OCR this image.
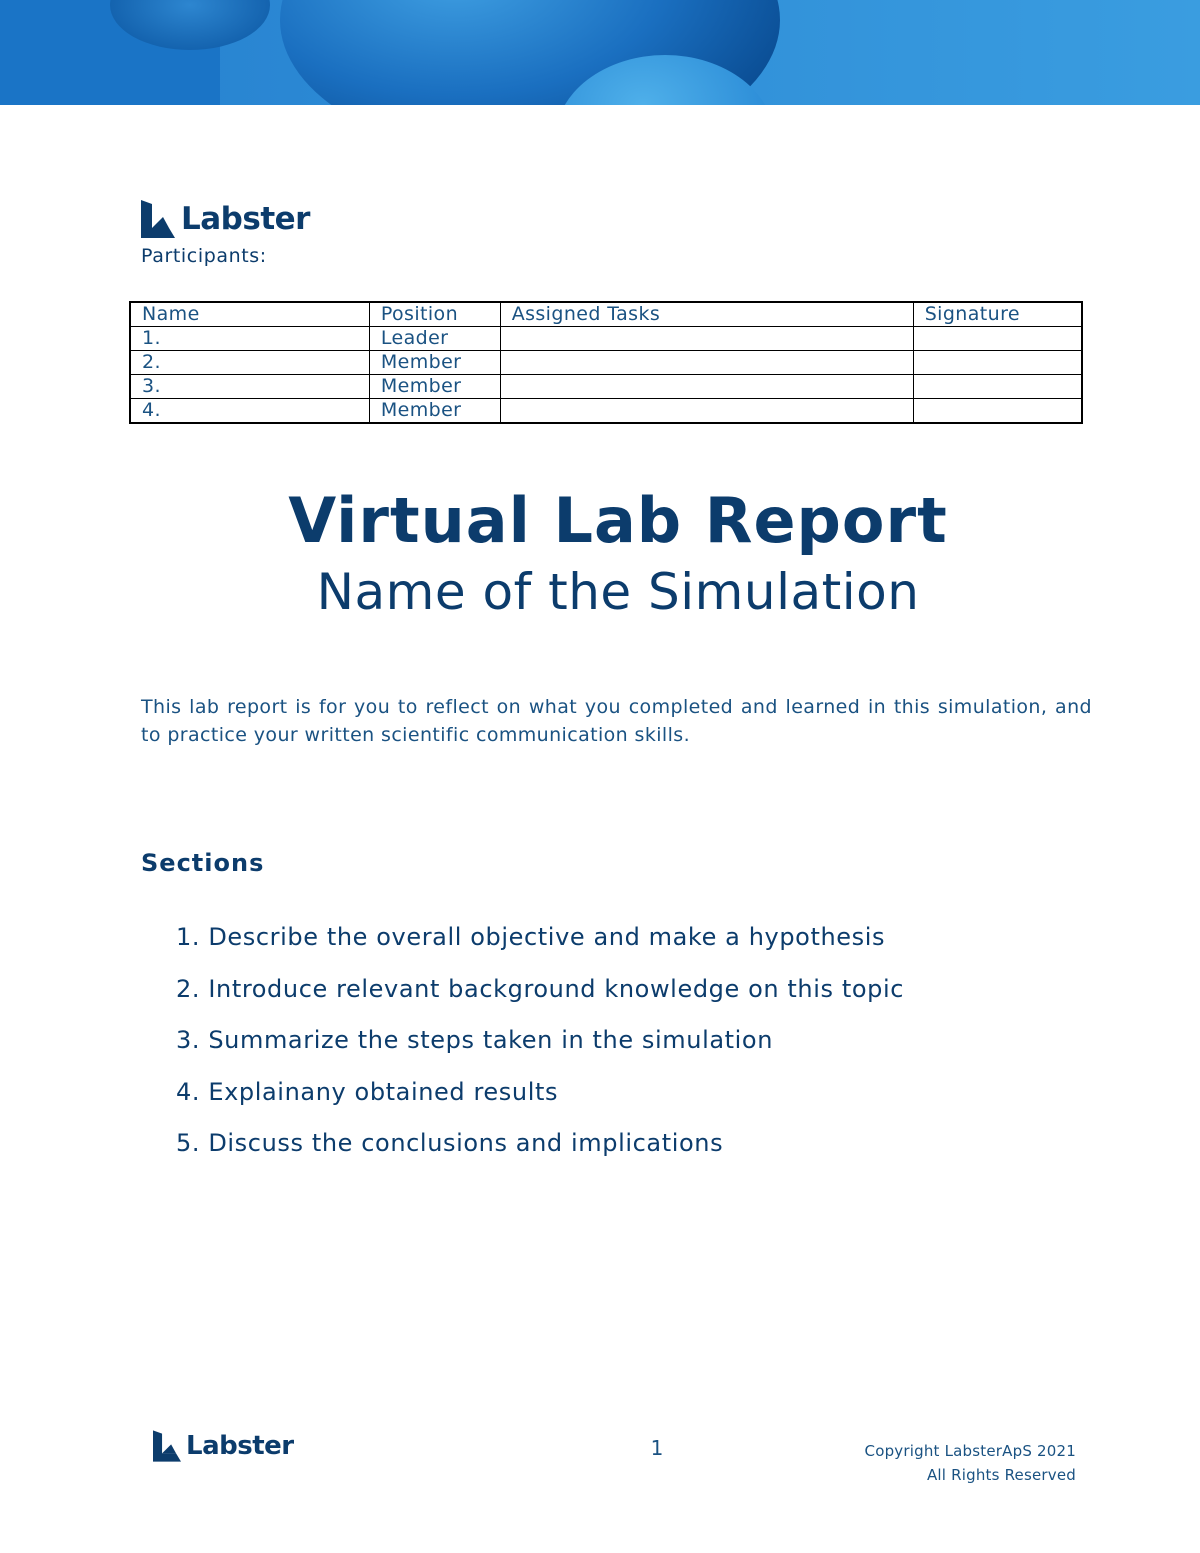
Labster
Participants:
Name	Position	Assigned Tasks	Signature
1.	Leader		
2.	Member		
3.	Member		
4.	Member		
Virtual Lab Report
Name of the Simulation

This lab report is for you to reflect on what you completed and learned in this simulation, and to practice your written scientific communication skills.

Sections
1. Describe the overall objective and make a hypothesis
2. Introduce relevant background knowledge on this topic
3. Summarize the steps taken in the simulation
4. Explainany obtained results
5. Discuss the conclusions and implications
Labster	1	Copyright LabsterApS 2021
All Rights Reserved
